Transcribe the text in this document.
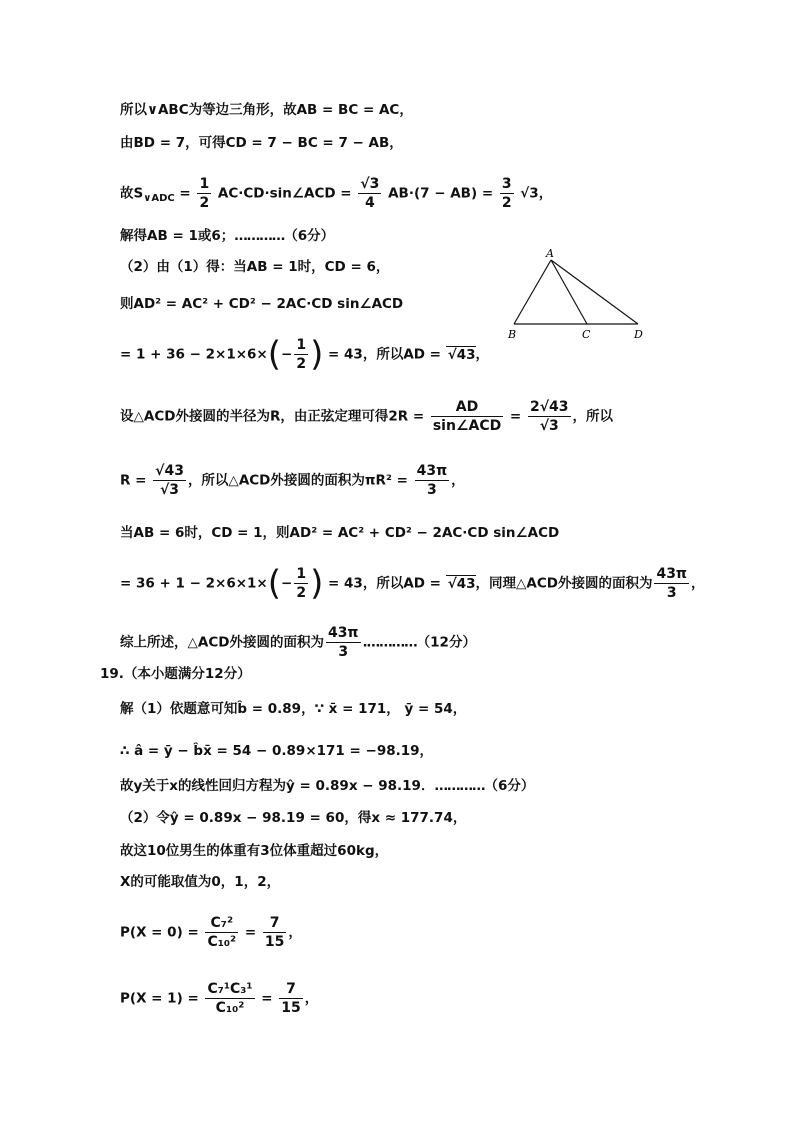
所以∨ABC为等边三角形，故AB = BC = AC，
由BD = 7，可得CD = 7 − BC = 7 − AB，
故$S_{\vee ADC} = \frac{1}{2}$ AC·CD·sin∠ACD = $\frac{√3}{4} AB\cdot(7 - AB) = \frac{3}{2} √3$，
解得AB = 1或6；…………（6分）
（2）由（1）得：当AB = 1时，CD = 6，
则AD² = AC² + CD² − 2AC·CD sin∠ACD
= $1 + 36 - 2\times 1\times 6\times(- \frac{1}{2}$ ) = 43，所以AD = √43，
设△ACD外接圆的半径为R，由正弦定理可得$2R = \frac{AD}{\text{sin∠ACD}} = \frac{2√43}{√3}$ ，所以
$R = \frac{√43}{√3}$ ，所以△ACD外接圆的面积为$\pi R^2 = \frac{43\pi}{3}$ ，
当AB = 6时，CD = 1，则AD² = AC² + CD² − 2AC·CD sin∠ACD
= $36 + 1 - 2\times 6\times 1\times(- \frac{1}{2}$ ) = 43，所以AD = √43，同理△ACD外接圆的面积为 $\frac{43\pi}{3}$ ，
综上所述，△ACD外接圆的面积为 $\frac{43\pi}{3}$ .…………（12分）
19.（本小题满分12分）
解（1）依题意可知b̂ = 0.89，∵ x̄ = 171， ȳ = 54，
∴ â = ȳ − b̂x̄ = 54 − 0.89×171 = −98.19，
故y关于x的线性回归方程为ŷ = 0.89x − 98.19．…………（6分）
（2）令ŷ = 0.89x − 98.19 = 60，得x ≈ 177.74，
故这10位男生的体重有3位体重超过60kg，
X的可能取值为0，1，2，
$P(X = 0) = \frac{\text{C₇²}}{\text{C₁₀²}} = \frac{7}{15}$ ，
$P(X = 1) = \frac{\text{C₇¹C₃¹}}{\text{C₁₀²}} = \frac{7}{15}$ ，
A
B	C	D
